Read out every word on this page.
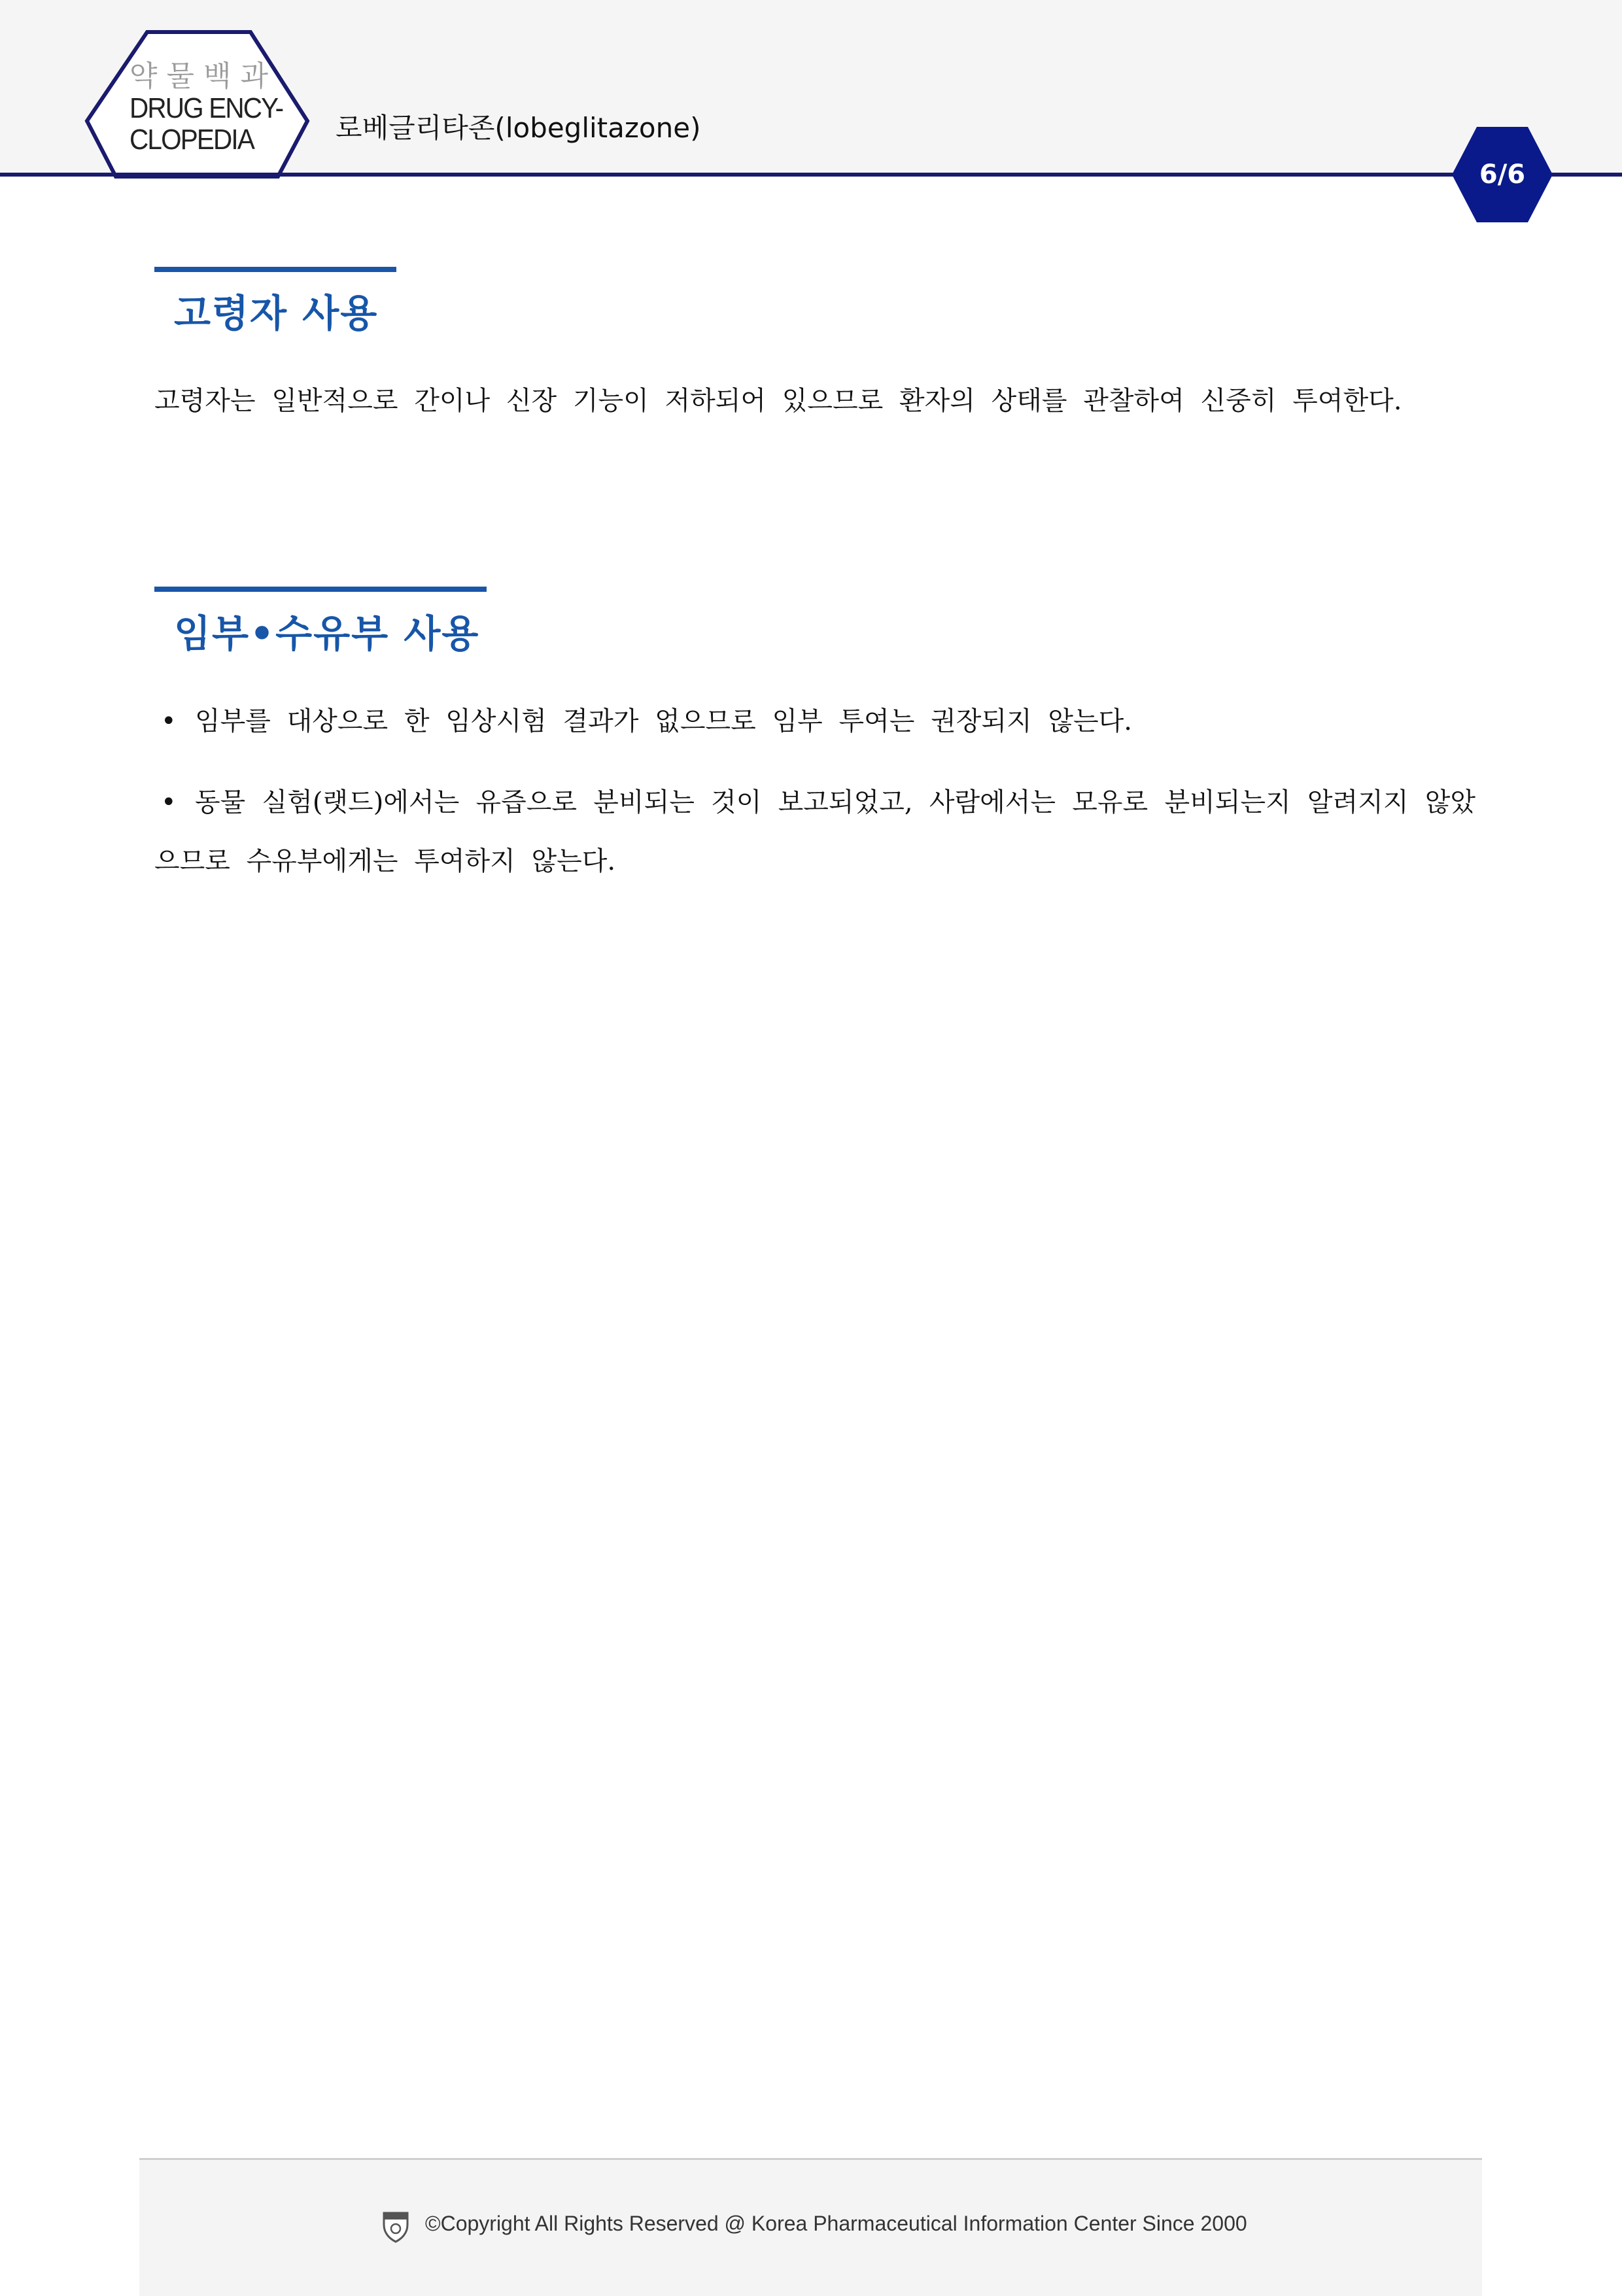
약물백과
DRUG ENCY-
CLOPEDIA	로베글리타존(lobeglitazone)
6/6
고령자 사용
고령자는 일반적으로 간이나 신장 기능이 저하되어 있으므로 환자의 상태를 관찰하여 신중히 투여한다.
임부•수유부 사용
• 임부를 대상으로 한 임상시험 결과가 없으므로 임부 투여는 권장되지 않는다.
• 동물 실험(랫드)에서는 유즙으로 분비되는 것이 보고되었고, 사람에서는 모유로 분비되는지 알려지지 않았으므로 수유부에게는 투여하지 않는다.
©Copyright All Rights Reserved @ Korea Pharmaceutical Information Center Since 2000
